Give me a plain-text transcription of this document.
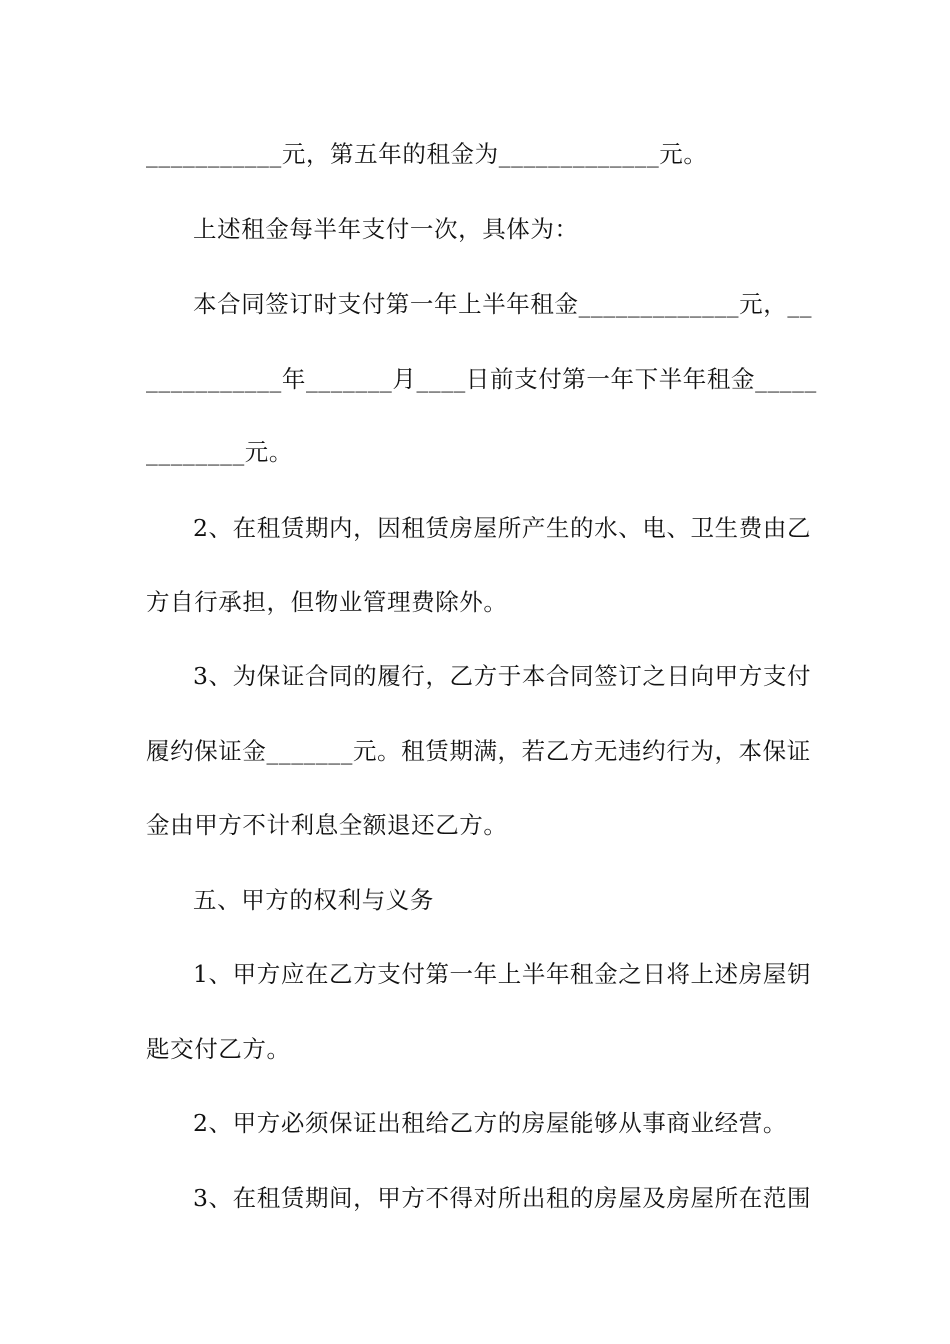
___________元，第五年的租金为_____________元。

上述租金每半年支付一次，具体为：

本合同签订时支付第一年上半年租金_____________元，__

___________年_______月____日前支付第一年下半年租金_____

________元。

2、在租赁期内，因租赁房屋所产生的水、电、卫生费由乙

方自行承担，但物业管理费除外。

3、为保证合同的履行，乙方于本合同签订之日向甲方支付

履约保证金_______元。租赁期满，若乙方无违约行为，本保证

金由甲方不计利息全额退还乙方。

五、甲方的权利与义务

1、甲方应在乙方支付第一年上半年租金之日将上述房屋钥

匙交付乙方。

2、甲方必须保证出租给乙方的房屋能够从事商业经营。

3、在租赁期间，甲方不得对所出租的房屋及房屋所在范围
